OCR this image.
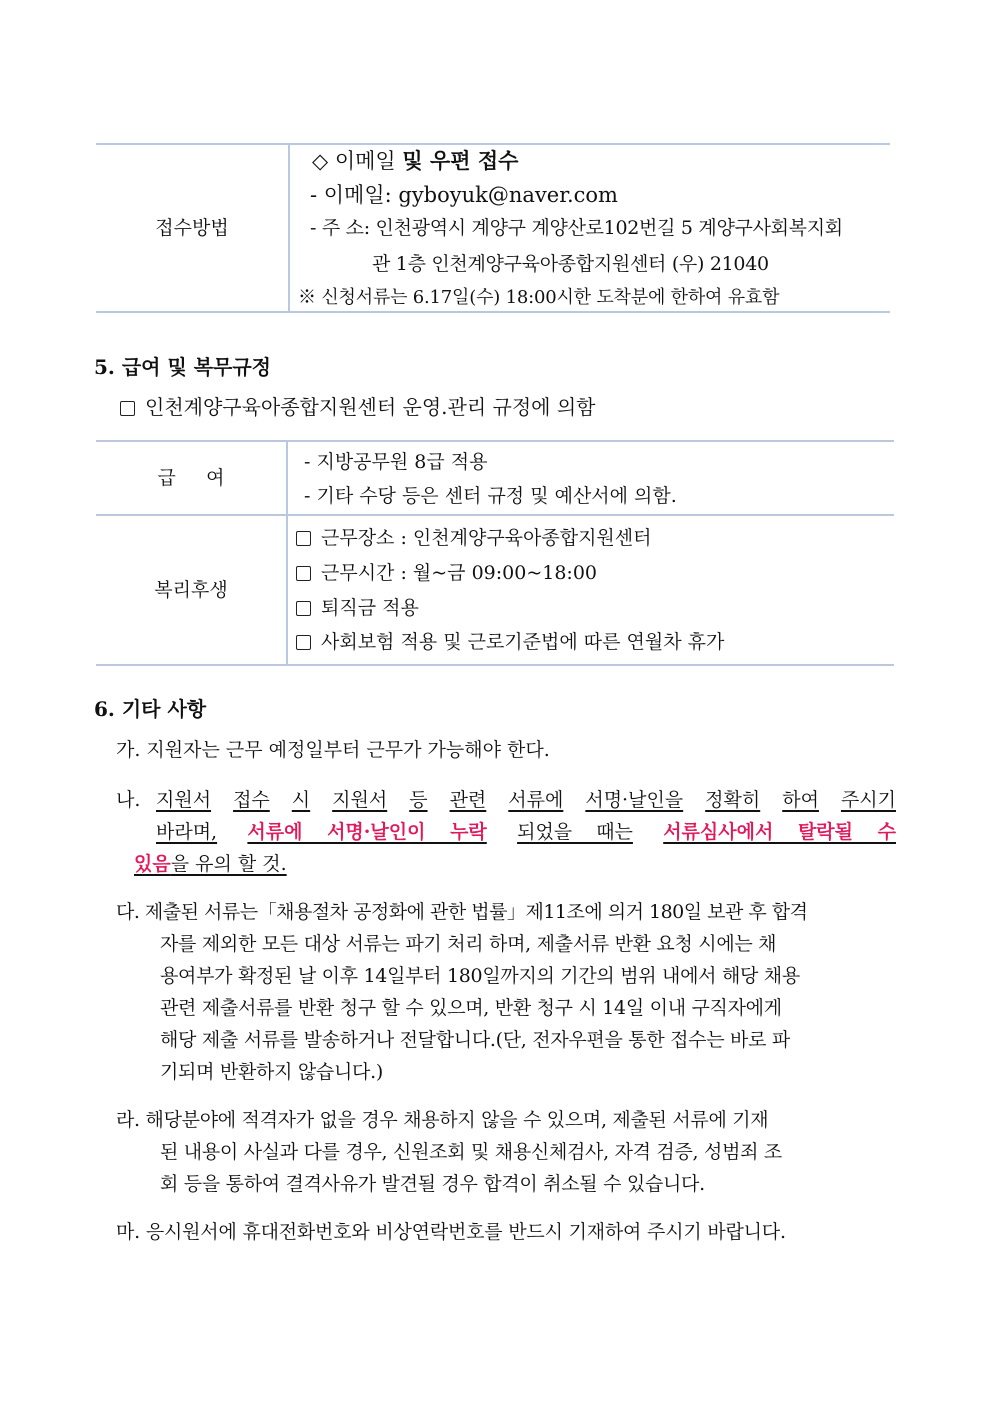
접수방법
◇ 이메일 및 우편 접수
- 이메일: gyboyuk@naver.com
- 주 소: 인천광역시 계양구 계양산로102번길 5 계양구사회복지회
관 1층 인천계양구육아종합지원센터 (우) 21040
※ 신청서류는 6.17일(수) 18:00시한 도착분에 한하여 유효함
5. 급여 및 복무규정
인천계양구육아종합지원센터 운영.관리 규정에 의함
급     여
- 지방공무원 8급 적용
- 기타 수당 등은 센터 규정 및 예산서에 의함.
복리후생
근무장소 : 인천계양구육아종합지원센터
근무시간 : 월~금 09:00~18:00
퇴직금 적용
사회보험 적용 및 근로기준법에 따른 연월차 휴가
6. 기타 사항
가. 지원자는 근무 예정일부터 근무가 가능해야 한다.
나. 지원서 접수 시 지원서 등 관련 서류에 서명·날인을 정확히 하여 주시기
바라며, 서류에 서명·날인이 누락 되었을 때는 서류심사에서 탈락될 수
있음을 유의 할 것.
다. 제출된 서류는「채용절차 공정화에 관한 법률」제11조에 의거 180일 보관 후 합격
자를 제외한 모든 대상 서류는 파기 처리 하며, 제출서류 반환 요청 시에는 채
용여부가 확정된 날 이후 14일부터 180일까지의 기간의 범위 내에서 해당 채용
관련 제출서류를 반환 청구 할 수 있으며, 반환 청구 시 14일 이내 구직자에게
해당 제출 서류를 발송하거나 전달합니다.(단, 전자우편을 통한 접수는 바로 파
기되며 반환하지 않습니다.)
라. 해당분야에 적격자가 없을 경우 채용하지 않을 수 있으며, 제출된 서류에 기재
된 내용이 사실과 다를 경우, 신원조회 및 채용신체검사, 자격 검증, 성범죄 조
회 등을 통하여 결격사유가 발견될 경우 합격이 취소될 수 있습니다.
마. 응시원서에 휴대전화번호와 비상연락번호를 반드시 기재하여 주시기 바랍니다.
